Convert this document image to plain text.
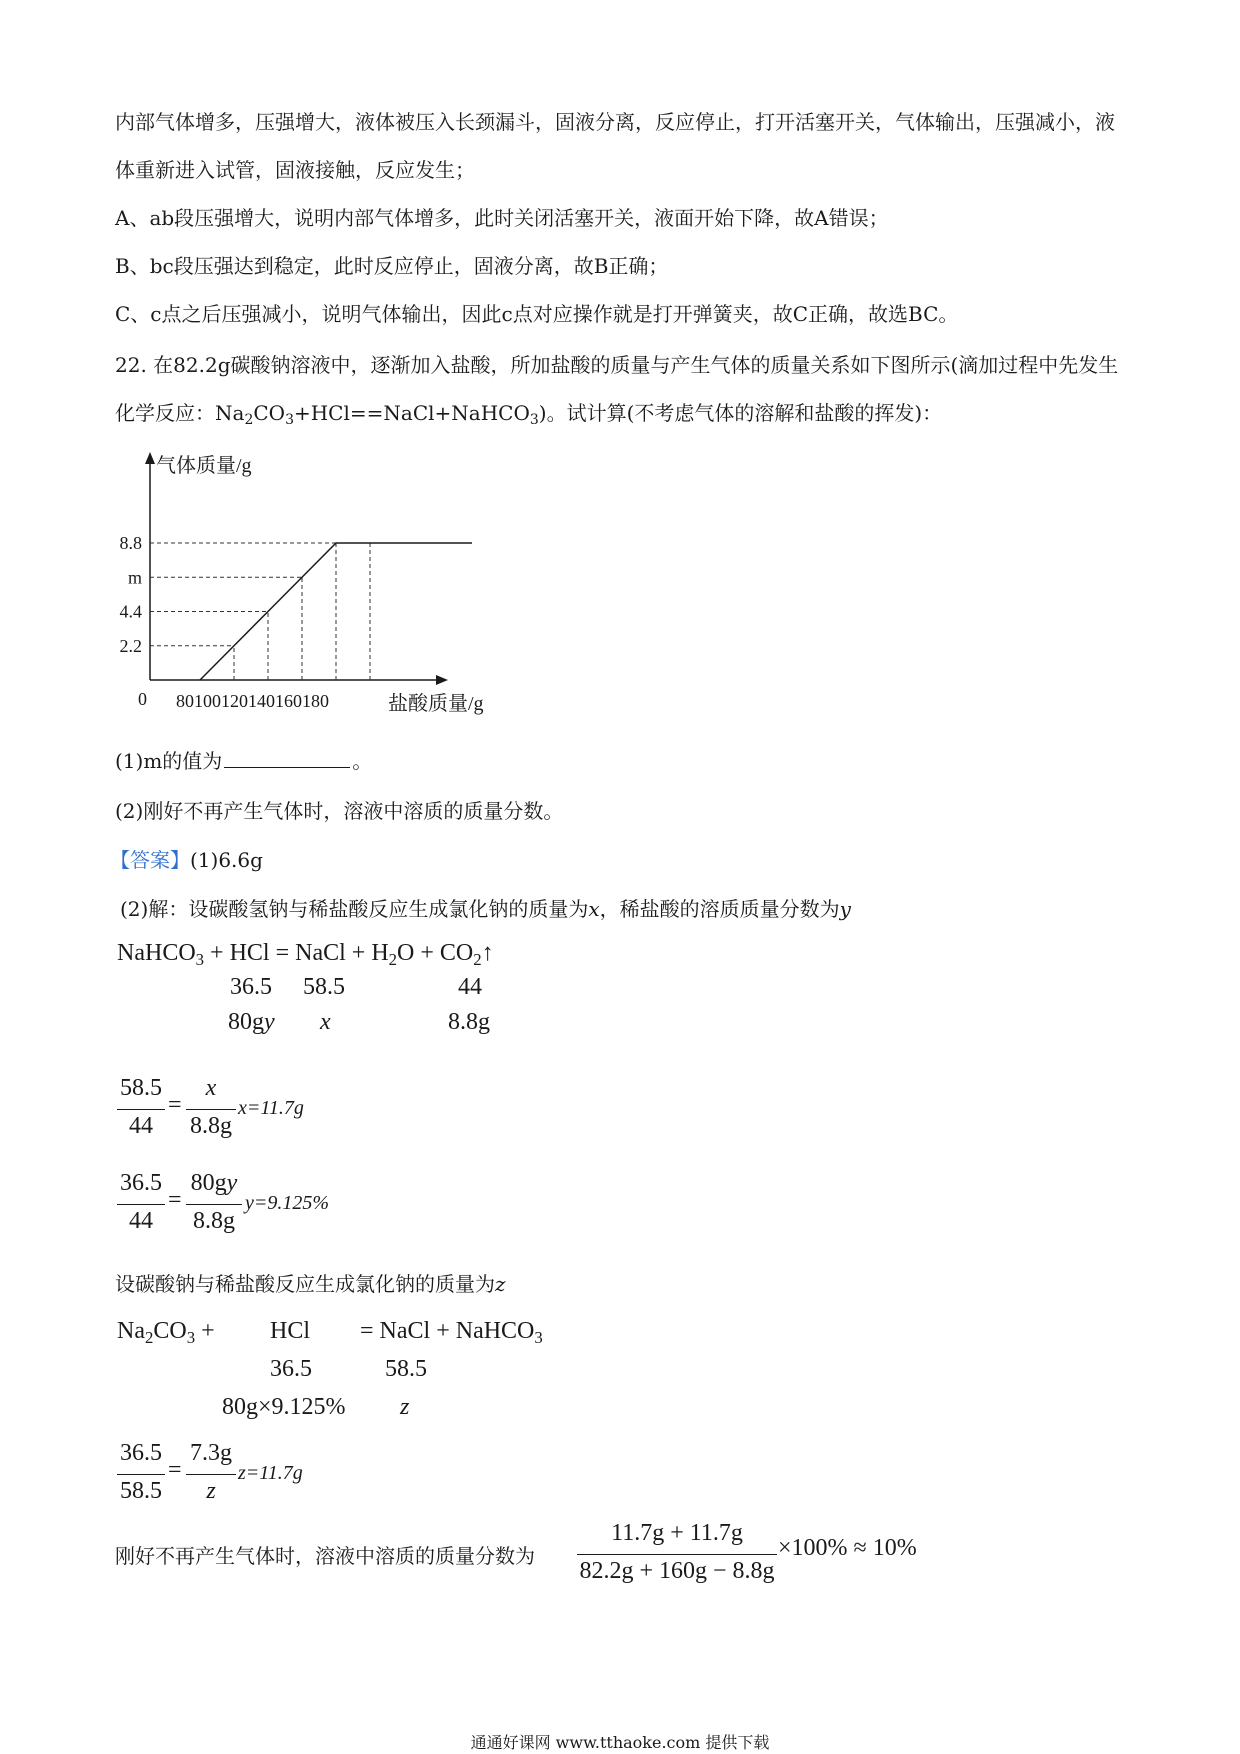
内部气体增多，压强增大，液体被压入长颈漏斗，固液分离，反应停止，打开活塞开关，气体输出，压强减小，液体重新进入试管，固液接触，反应发生；
A、ab段压强增大，说明内部气体增多，此时关闭活塞开关，液面开始下降，故A错误；
B、bc段压强达到稳定，此时反应停止，固液分离，故B正确；
C、c点之后压强减小，说明气体输出，因此c点对应操作就是打开弹簧夹，故C正确，故选BC。
22. 在82.2g碳酸钠溶液中，逐渐加入盐酸，所加盐酸的质量与产生气体的质量关系如下图所示(滴加过程中先发生化学反应：$Na_2CO_3+HCl==NaCl+NaHCO_3$)。试计算(不考虑气体的溶解和盐酸的挥发)：
8.8
m
4.4
2.2
80 100 120 140 160 180
0
气体质量/g
盐酸质量/g
(1)m的值为	。
(2)刚好不再产生气体时，溶液中溶质的质量分数。
【答案】(1)6.6g
(2)解：设碳酸氢钠与稀盐酸反应生成氯化钠的质量为x，稀盐酸的溶质质量分数为y
NaHCO$_3$ + HCl = NaCl + $H_2O$ + $CO_2↑$
36.5 58.5	44
80gy x	8.8g
58.5
44
=
x
8.8g
x=11.7g
36.5
44
=
80gy
8.8g
y=9.125%
设碳酸钠与稀盐酸反应生成氯化钠的质量为z
$Na_2CO_3$ + HCl = NaCl + NaHCO$_3$
36.5	58.5
80g×9.125% z
36.5
58.5
=
7.3g
z
z=11.7g
刚好不再产生气体时，溶液中溶质的质量分数为
11.7g + 11.7g
82.2g + 160g − 8.8g
×100% ≈ 10%
通通好课网 www.tthaoke.com 提供下载
